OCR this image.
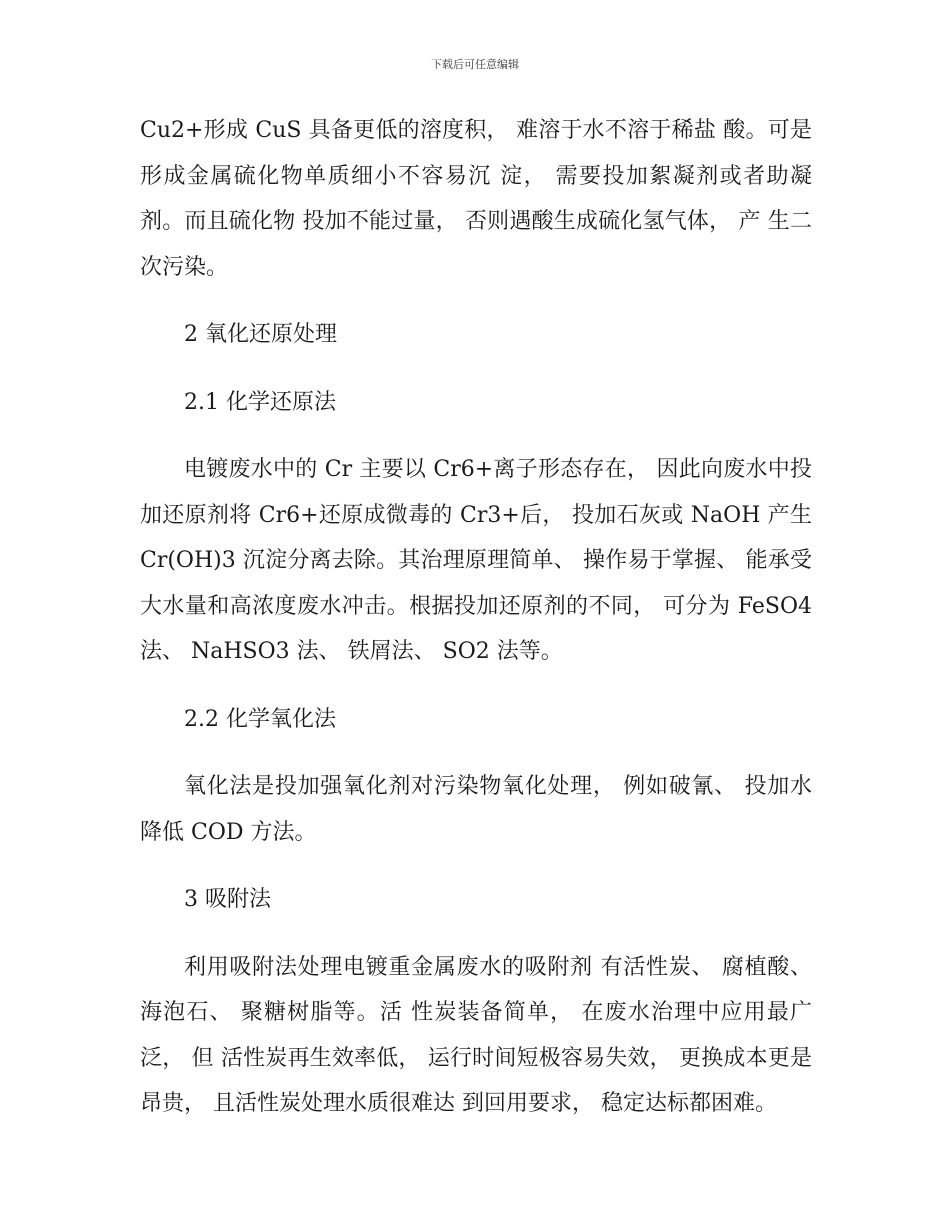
下载后可任意编辑

Cu2+形成 CuS 具备更低的溶度积， 难溶于水不溶于稀盐 酸。可是形成金属硫化物单质细小不容易沉 淀， 需要投加絮凝剂或者助凝剂。而且硫化物 投加不能过量， 否则遇酸生成硫化氢气体， 产 生二次污染。

2 氧化还原处理

2.1 化学还原法

电镀废水中的 Cr 主要以 Cr6+离子形态存在， 因此向废水中投加还原剂将 Cr6+还原成微毒的 Cr3+后， 投加石灰或 NaOH 产生 Cr(OH)3 沉淀分离去除。其治理原理简单、 操作易于掌握、 能承受大水量和高浓度废水冲击。根据投加还原剂的不同， 可分为 FeSO4 法、 NaHSO3 法、 铁屑法、 SO2 法等。

2.2 化学氧化法

氧化法是投加强氧化剂对污染物氧化处理， 例如破氰、 投加水降低 COD 方法。

3 吸附法

利用吸附法处理电镀重金属废水的吸附剂 有活性炭、 腐植酸、 海泡石、 聚糖树脂等。活 性炭装备简单， 在废水治理中应用最广泛， 但 活性炭再生效率低， 运行时间短极容易失效， 更换成本更是昂贵， 且活性炭处理水质很难达 到回用要求， 稳定达标都困难。
